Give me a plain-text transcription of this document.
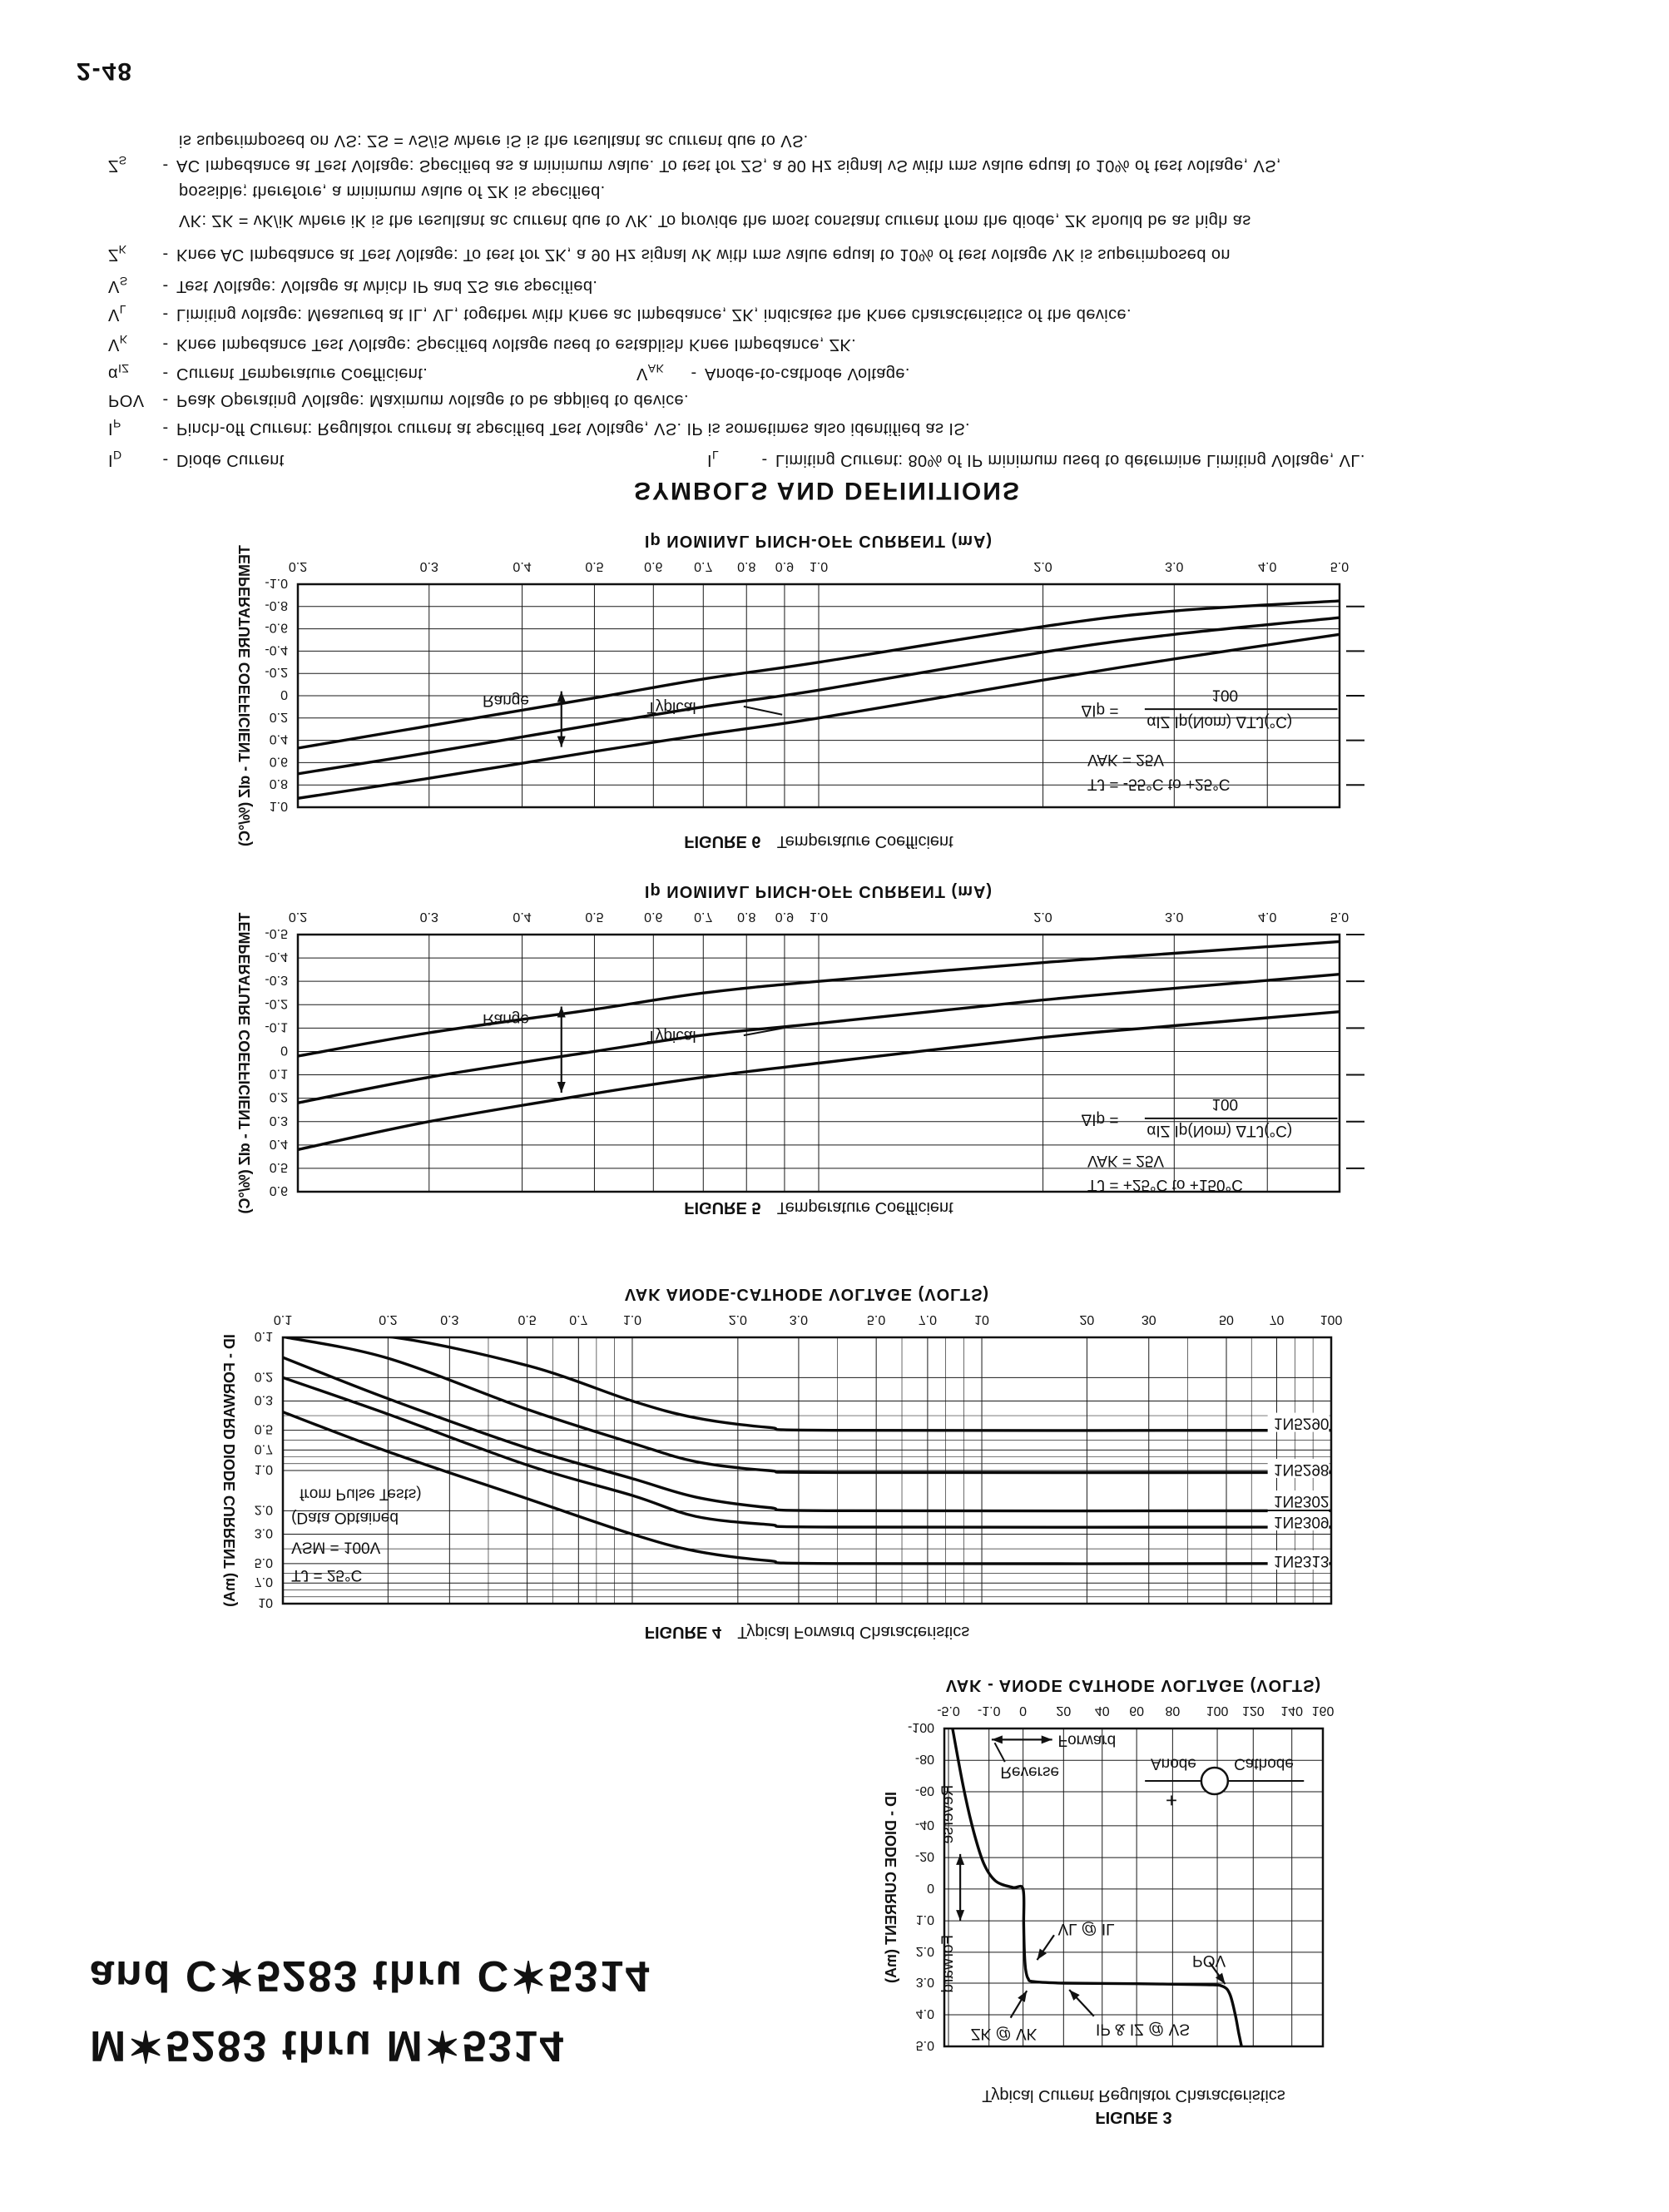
2-48
M✶5283 thru M✶5314
and C✶5283 thru C✶5314
FIGURE 3
Typical Current Regulator Characteristics
-5.0 -1.0 0 20 40 60 80 100 120 140 160
5.0
4.0
3.0
2.0
1.0
0
-20
-40
-60
-80
-100
VAK - ANODE CATHODE VOLTAGE (VOLTS)
ID - DIODE CURRENT (mA)
ZK @ VK	IP & IZ @ VS
VL @ IL
POV
Forward
Reverse
Forward
Reverse
+
Anode Cathode
FIGURE 4 Typical Forward Characteristics
0.1	0.2	0.3	0.5 0.7	1.0	2.0	3.0	5.0 7.0	10	20	30	50	70	100
10
7.0
5.0
3.0
2.0
1.0
0.7
0.5
0.3
0.2
0.1
VAK ANODE-CATHODE VOLTAGE (VOLTS)
ID - FORWARD DIODE CURRENT (mA)	TJ = 25°C
VSM = 100V
(Data Obtained
from Pulse Tests)
1N5290
1N5298
1N5302
1N5309
1N5313
FIGURE 5 Temperature Coefficient
0.2	0.3	0.4	0.5	0.6 0.7 0.8 0.9 1.0	2.0	3.0	4.0	5.0
0.6
0.5
0.4
0.3
0.2
0.1
0
-0.1
-0.2
-0.3
-0.4
-0.5
Ip NOMINAL PINCH-OFF CURRENT (mA)
TEMPERATURE COEFFICIENT - αIZ (%/°C)	Range
Typical
TJ = +25°C to +150°C
VAK = 25V
ΔIp =
αIZ Ip(Nom) ΔTJ(°C)
100
FIGURE 6 Temperature Coefficient
0.2	0.3	0.4	0.5	0.6 0.7 0.8 0.9 1.0	2.0	3.0	4.0	5.0
1.0
0.8
0.6
0.4
0.2
0
-0.2
-0.4
-0.6
-0.8
-1.0
Ip NOMINAL PINCH-OFF CURRENT (mA)
TEMPERATURE COEFFICIENT - αIZ (%/°C)	Range	Typical
TJ = -55°C to +25°C
VAK = 25V
ΔIp =
αIZ Ip(Nom) ΔTJ(°C)
100
SYMBOLS AND DEFINITIONS
$I_D$ - Diode Current	$I_L$	- Limiting Current: 80% of IP minimum used to determine Limiting Voltage, VL.
$I_P$ - Pinch-off Current: Regulator current at specified Test Voltage, VS. IP is sometimes also identified as IS.
POV - Peak Operating Voltage: Maximum voltage to be applied to device.
$\alpha_{IZ}$ - Current Temperature Coefficient.	$V_{AK}$ - Anode-to-cathode Voltage.
$V_K$ - Knee Impedance Test Voltage: Specified voltage used to establish Knee Impedance, ZK.
$V_L$ - Limiting voltage: Measured at IL, VL, together with Knee ac Impedance, ZK, indicates the Knee characteristics of the device.
$V_S$ - Test Voltage: Voltage at which IP and ZS are specified.
$Z_K$ - Knee AC Impedance at Test Voltage: To test for ZK, a 90 Hz signal vK with rms value equal to 10% of test voltage VK is superimposed on
VK: ZK = vK/iK where iK is the resultant ac current due to VK. To provide the most constant current from the diode, ZK should be as high as
possible; therefore, a minimum value of ZK is specified.
$Z_S$ - AC Impedance at Test Voltage: Specified as a minimum value. To test for ZS, a 90 Hz signal vS with rms value equal to 10% of test voltage, VS,
is superimposed on VS: ZS = vS/iS where iS is the resultant ac current due to VS.
